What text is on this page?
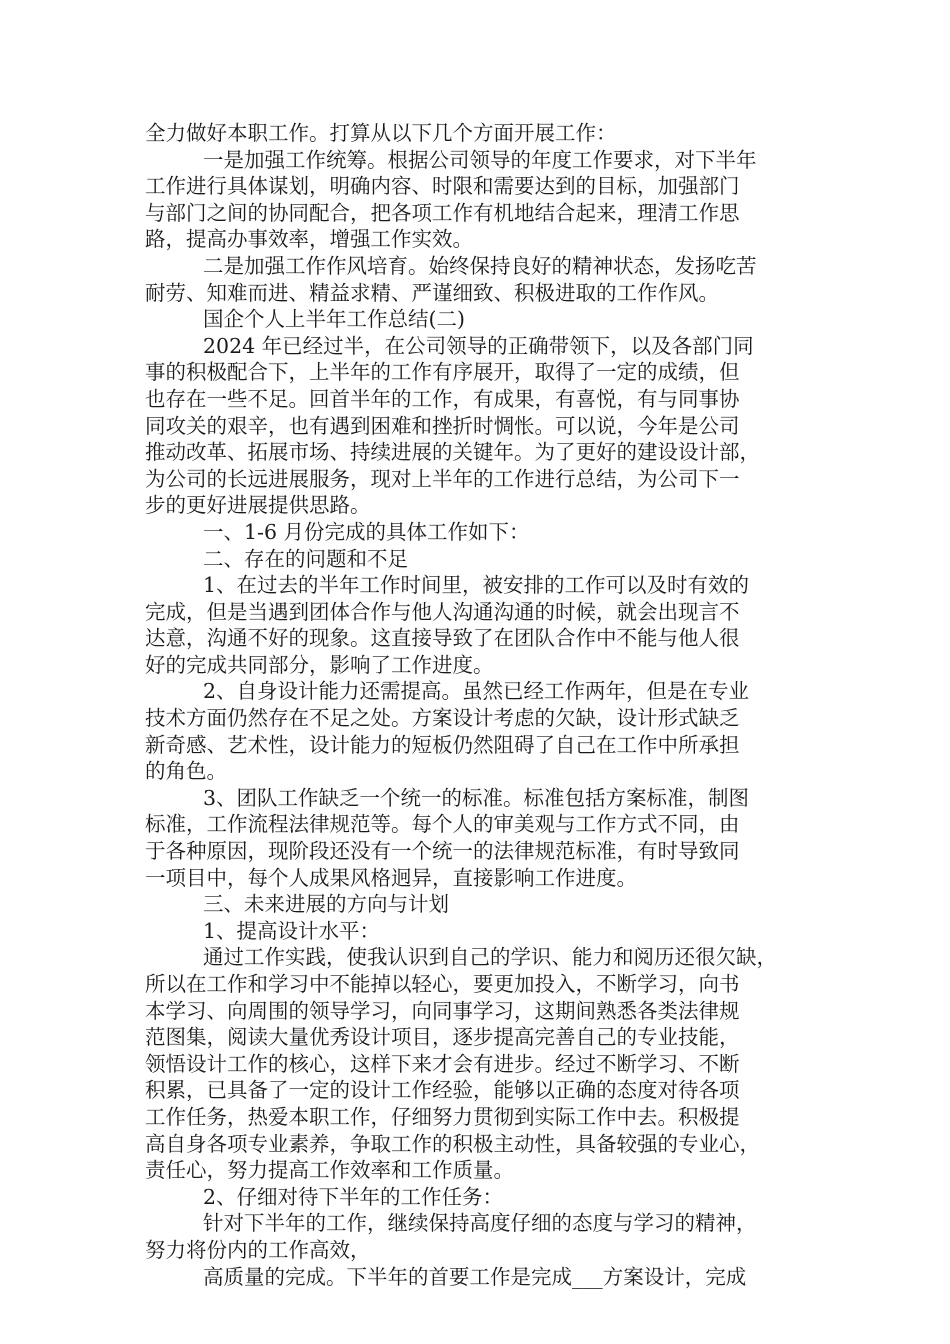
全力做好本职工作。打算从以下几个方面开展工作：
一是加强工作统筹。根据公司领导的年度工作要求，对下半年
工作进行具体谋划，明确内容、时限和需要达到的目标，加强部门
与部门之间的协同配合，把各项工作有机地结合起来，理清工作思
路，提高办事效率，增强工作实效。
二是加强工作作风培育。始终保持良好的精神状态，发扬吃苦
耐劳、知难而进、精益求精、严谨细致、积极进取的工作作风。
国企个人上半年工作总结(二)
2024 年已经过半，在公司领导的正确带领下，以及各部门同
事的积极配合下，上半年的工作有序展开，取得了一定的成绩，但
也存在一些不足。回首半年的工作，有成果，有喜悦，有与同事协
同攻关的艰辛，也有遇到困难和挫折时惆怅。可以说，今年是公司
推动改革、拓展市场、持续进展的关键年。为了更好的建设设计部，
为公司的长远进展服务，现对上半年的工作进行总结，为公司下一
步的更好进展提供思路。
一、1-6 月份完成的具体工作如下：
二、存在的问题和不足
1、在过去的半年工作时间里，被安排的工作可以及时有效的
完成，但是当遇到团体合作与他人沟通沟通的时候，就会出现言不
达意，沟通不好的现象。这直接导致了在团队合作中不能与他人很
好的完成共同部分，影响了工作进度。
2、自身设计能力还需提高。虽然已经工作两年，但是在专业
技术方面仍然存在不足之处。方案设计考虑的欠缺，设计形式缺乏
新奇感、艺术性，设计能力的短板仍然阻碍了自己在工作中所承担
的角色。
3、团队工作缺乏一个统一的标准。标准包括方案标准，制图
标准，工作流程法律规范等。每个人的审美观与工作方式不同，由
于各种原因，现阶段还没有一个统一的法律规范标准，有时导致同
一项目中，每个人成果风格迥异，直接影响工作进度。
三、未来进展的方向与计划
1、提高设计水平：
通过工作实践，使我认识到自己的学识、能力和阅历还很欠缺，
所以在工作和学习中不能掉以轻心，要更加投入，不断学习，向书
本学习、向周围的领导学习，向同事学习，这期间熟悉各类法律规
范图集，阅读大量优秀设计项目，逐步提高完善自己的专业技能，
领悟设计工作的核心，这样下来才会有进步。经过不断学习、不断
积累，已具备了一定的设计工作经验，能够以正确的态度对待各项
工作任务，热爱本职工作，仔细努力贯彻到实际工作中去。积极提
高自身各项专业素养，争取工作的积极主动性，具备较强的专业心，
责任心，努力提高工作效率和工作质量。
2、仔细对待下半年的工作任务：
针对下半年的工作，继续保持高度仔细的态度与学习的精神，
努力将份内的工作高效，
高质量的完成。下半年的首要工作是完成___方案设计，完成
